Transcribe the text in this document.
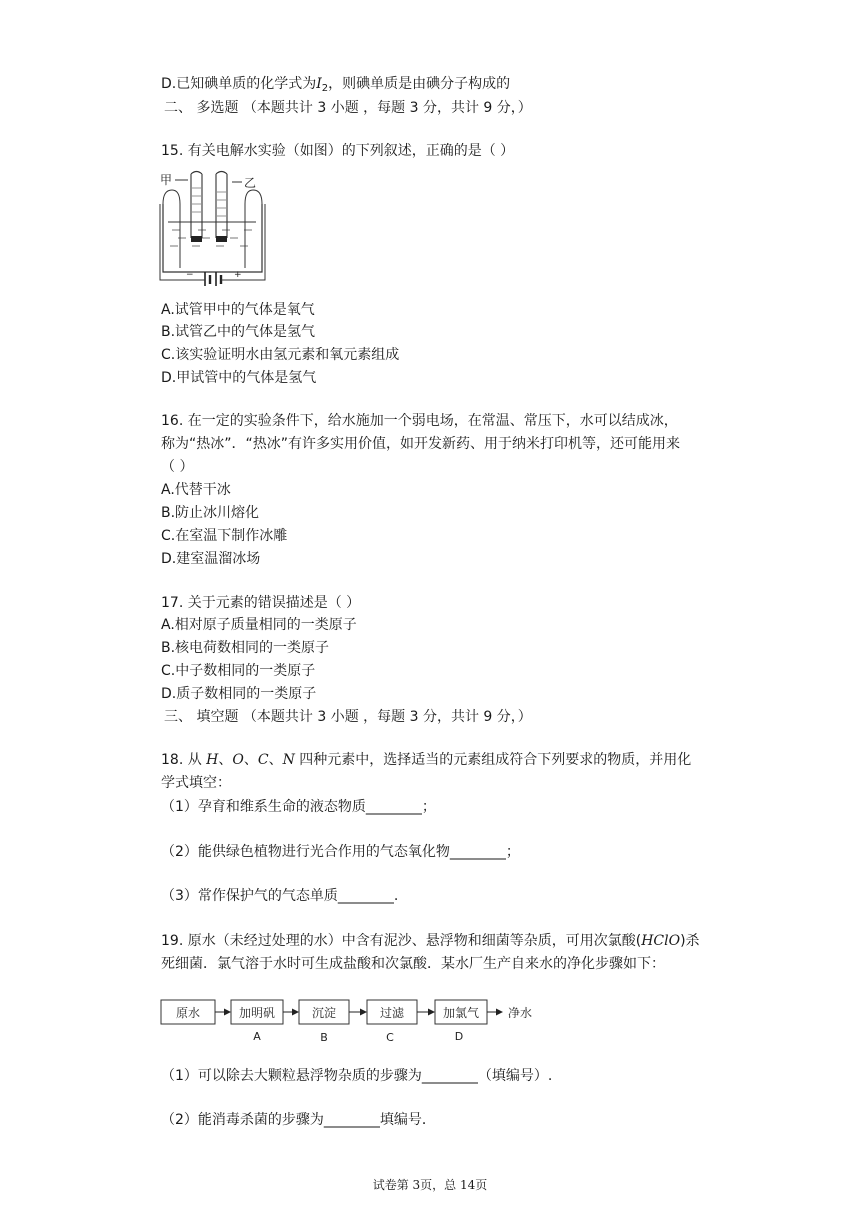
D.已知碘单质的化学式为$I_2$，则碘单质是由碘分子构成的
二、 多选题 （本题共计 3 小题 ，每题 3 分，共计 9 分，）
15. 有关电解水实验（如图）的下列叙述，正确的是（ ）
甲	乙
−	+
A.试管甲中的气体是氧气
B.试管乙中的气体是氢气
C.该实验证明水由氢元素和氧元素组成
D.甲试管中的气体是氢气
16. 在一定的实验条件下，给水施加一个弱电场，在常温、常压下，水可以结成冰，
称为“热冰”．“热冰”有许多实用价值，如开发新药、用于纳米打印机等，还可能用来
（ ）
A.代替干冰
B.防止冰川熔化
C.在室温下制作冰雕
D.建室温溜冰场
17. 关于元素的错误描述是（ ）
A.相对原子质量相同的一类原子
B.核电荷数相同的一类原子
C.中子数相同的一类原子
D.质子数相同的一类原子
三、 填空题 （本题共计 3 小题 ，每题 3 分，共计 9 分，）
18. 从 H、O、C、N 四种元素中，选择适当的元素组成符合下列要求的物质，并用化
学式填空：
（1）孕育和维系生命的液态物质________；
（2）能供绿色植物进行光合作用的气态氧化物________；
（3）常作保护气的气态单质________.
19. 原水（未经过处理的水）中含有泥沙、悬浮物和细菌等杂质，可用次氯酸(HClO)杀
死细菌．氯气溶于水时可生成盐酸和次氯酸．某水厂生产自来水的净化步骤如下：
原水	加明矾	沉淀	过滤	加氯气 净水
A	B	C	D
（1）可以除去大颗粒悬浮物杂质的步骤为________（填编号）.
（2）能消毒杀菌的步骤为________填编号．
试卷第 3页，总 14页
